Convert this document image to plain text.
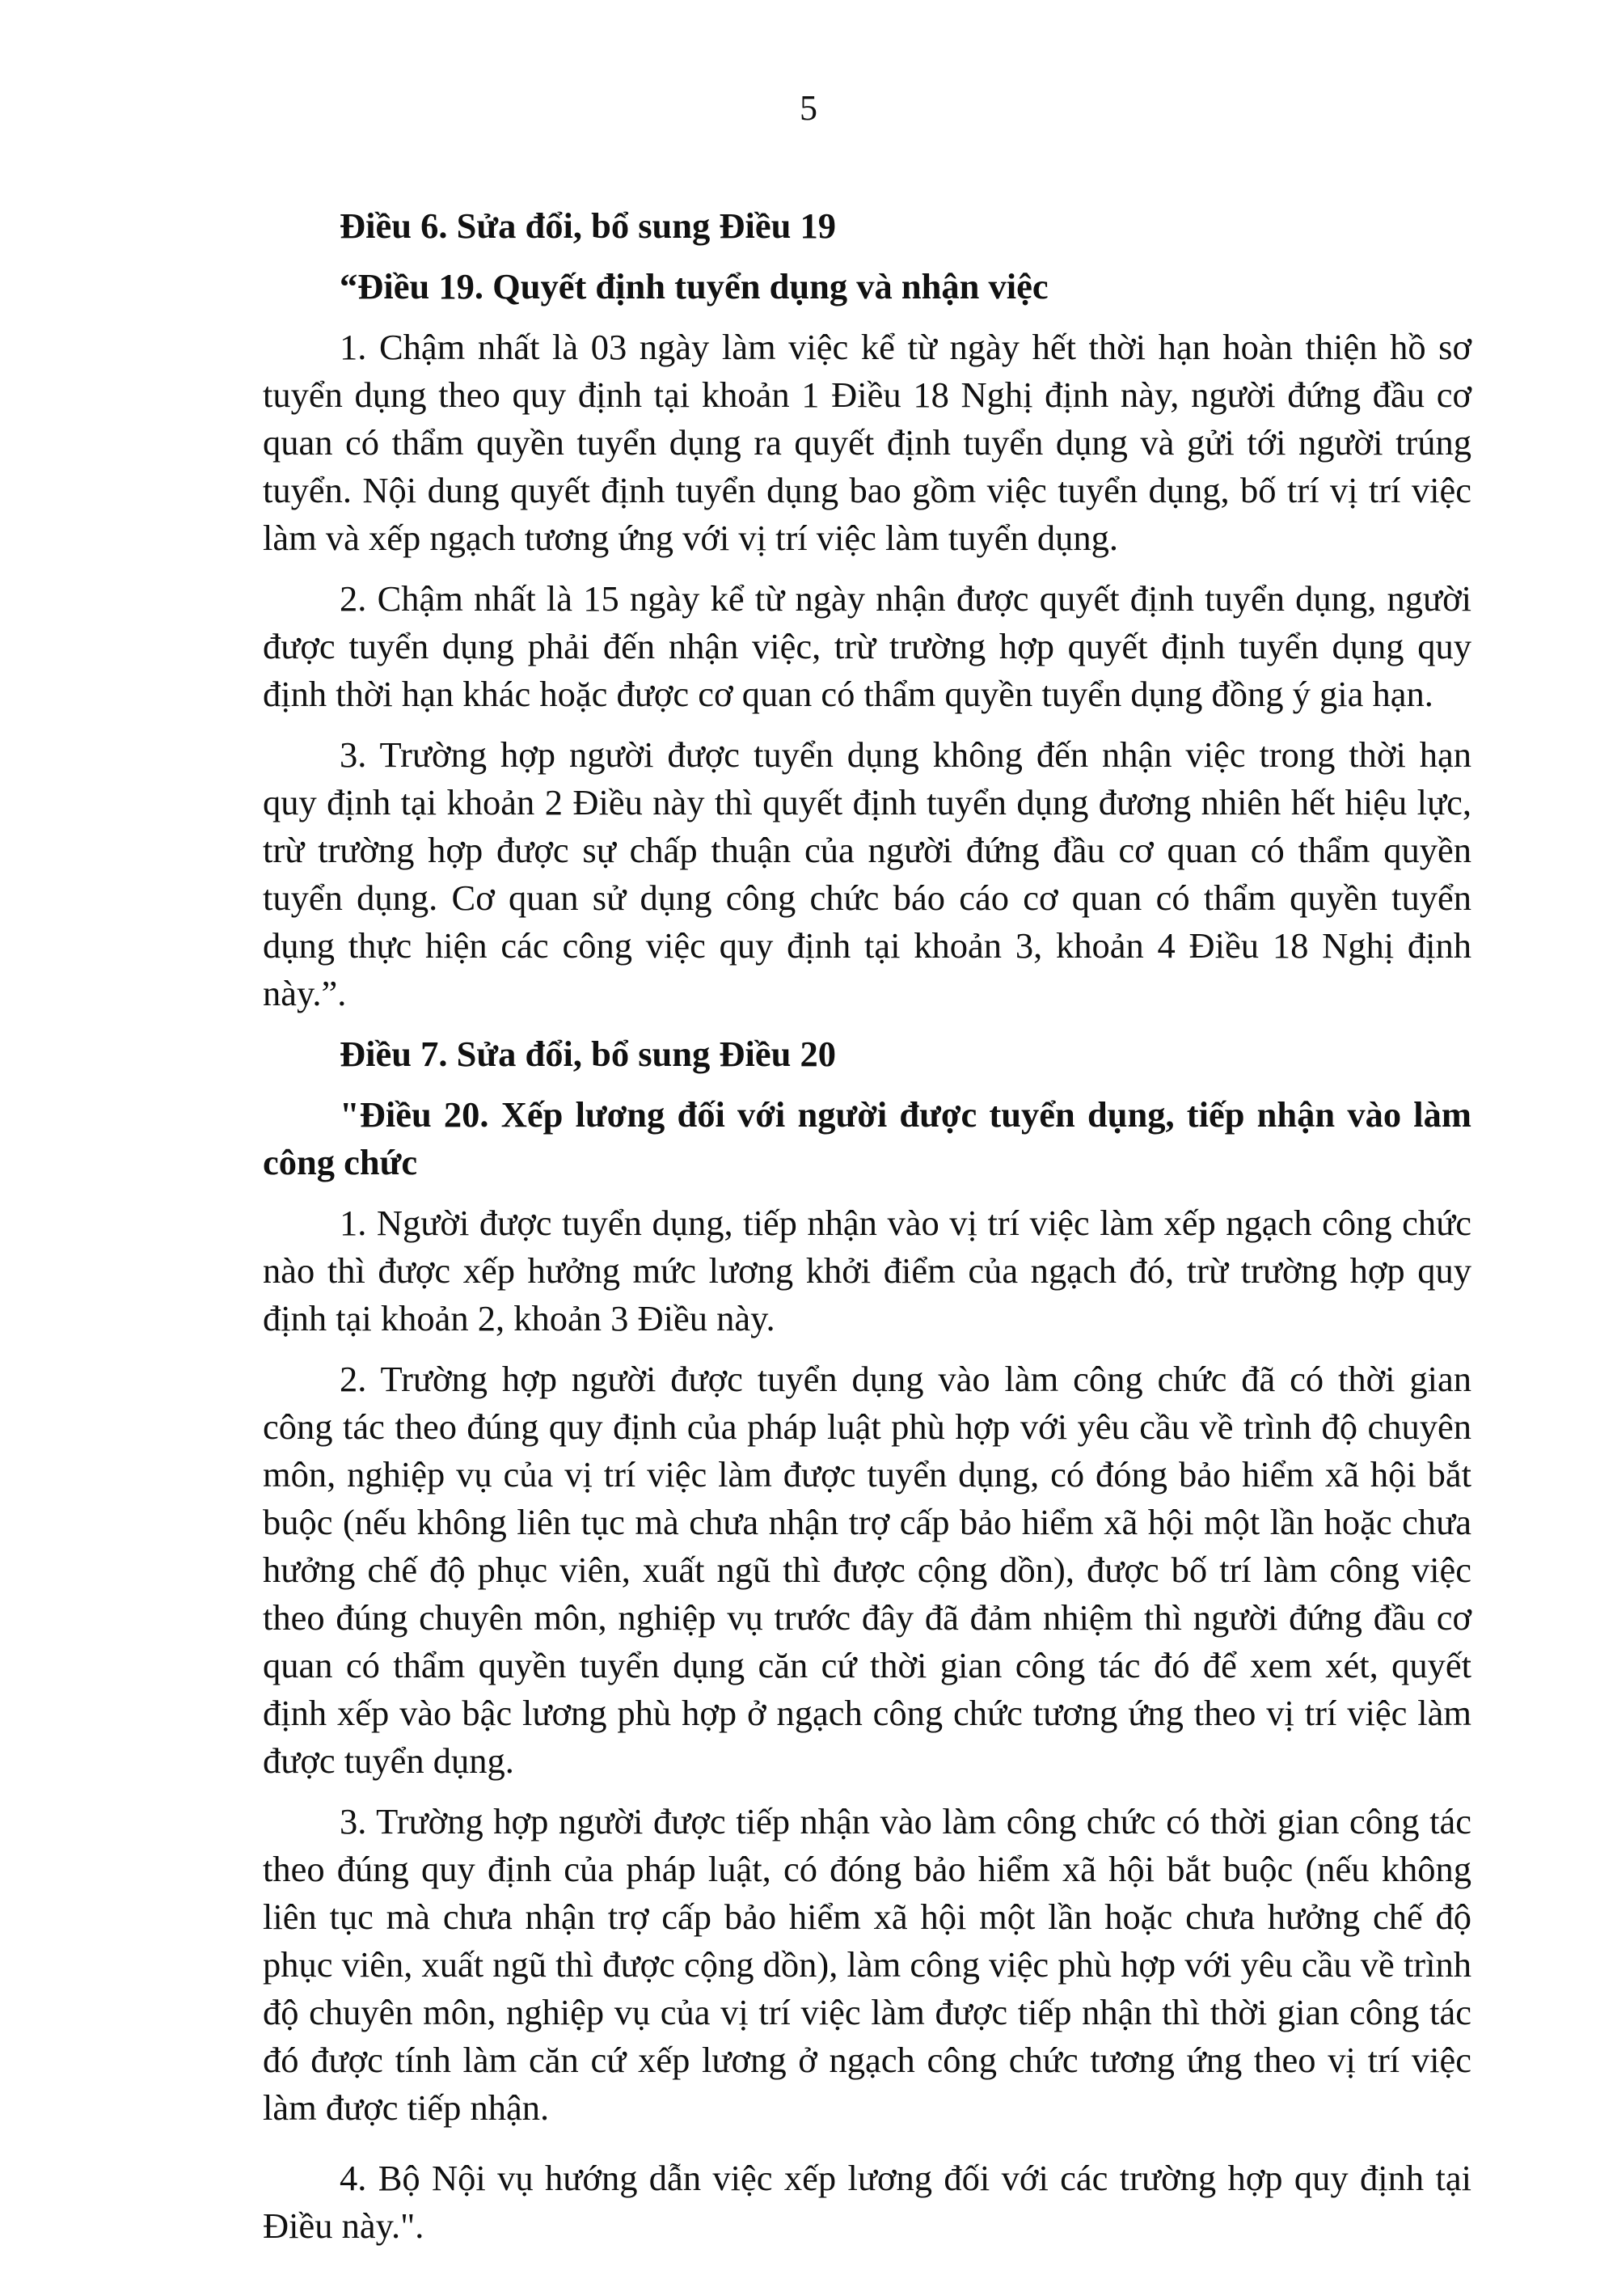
5

Điều 6. Sửa đổi, bổ sung Điều 19

“Điều 19. Quyết định tuyển dụng và nhận việc

1. Chậm nhất là 03 ngày làm việc kể từ ngày hết thời hạn hoàn thiện hồ sơ tuyển dụng theo quy định tại khoản 1 Điều 18 Nghị định này, người đứng đầu cơ quan có thẩm quyền tuyển dụng ra quyết định tuyển dụng và gửi tới người trúng tuyển. Nội dung quyết định tuyển dụng bao gồm việc tuyển dụng, bố trí vị trí việc làm và xếp ngạch tương ứng với vị trí việc làm tuyển dụng.

2. Chậm nhất là 15 ngày kể từ ngày nhận được quyết định tuyển dụng, người được tuyển dụng phải đến nhận việc, trừ trường hợp quyết định tuyển dụng quy định thời hạn khác hoặc được cơ quan có thẩm quyền tuyển dụng đồng ý gia hạn.

3. Trường hợp người được tuyển dụng không đến nhận việc trong thời hạn quy định tại khoản 2 Điều này thì quyết định tuyển dụng đương nhiên hết hiệu lực, trừ trường hợp được sự chấp thuận của người đứng đầu cơ quan có thẩm quyền tuyển dụng. Cơ quan sử dụng công chức báo cáo cơ quan có thẩm quyền tuyển dụng thực hiện các công việc quy định tại khoản 3, khoản 4 Điều 18 Nghị định này.”.

Điều 7. Sửa đổi, bổ sung Điều 20

"Điều 20. Xếp lương đối với người được tuyển dụng, tiếp nhận vào làm công chức

1. Người được tuyển dụng, tiếp nhận vào vị trí việc làm xếp ngạch công chức nào thì được xếp hưởng mức lương khởi điểm của ngạch đó, trừ trường hợp quy định tại khoản 2, khoản 3 Điều này.

2. Trường hợp người được tuyển dụng vào làm công chức đã có thời gian công tác theo đúng quy định của pháp luật phù hợp với yêu cầu về trình độ chuyên môn, nghiệp vụ của vị trí việc làm được tuyển dụng, có đóng bảo hiểm xã hội bắt buộc (nếu không liên tục mà chưa nhận trợ cấp bảo hiểm xã hội một lần hoặc chưa hưởng chế độ phục viên, xuất ngũ thì được cộng dồn), được bố trí làm công việc theo đúng chuyên môn, nghiệp vụ trước đây đã đảm nhiệm thì người đứng đầu cơ quan có thẩm quyền tuyển dụng căn cứ thời gian công tác đó để xem xét, quyết định xếp vào bậc lương phù hợp ở ngạch công chức tương ứng theo vị trí việc làm được tuyển dụng.

3. Trường hợp người được tiếp nhận vào làm công chức có thời gian công tác theo đúng quy định của pháp luật, có đóng bảo hiểm xã hội bắt buộc (nếu không liên tục mà chưa nhận trợ cấp bảo hiểm xã hội một lần hoặc chưa hưởng chế độ phục viên, xuất ngũ thì được cộng dồn), làm công việc phù hợp với yêu cầu về trình độ chuyên môn, nghiệp vụ của vị trí việc làm được tiếp nhận thì thời gian công tác đó được tính làm căn cứ xếp lương ở ngạch công chức tương ứng theo vị trí việc làm được tiếp nhận.

4. Bộ Nội vụ hướng dẫn việc xếp lương đối với các trường hợp quy định tại Điều này.".
